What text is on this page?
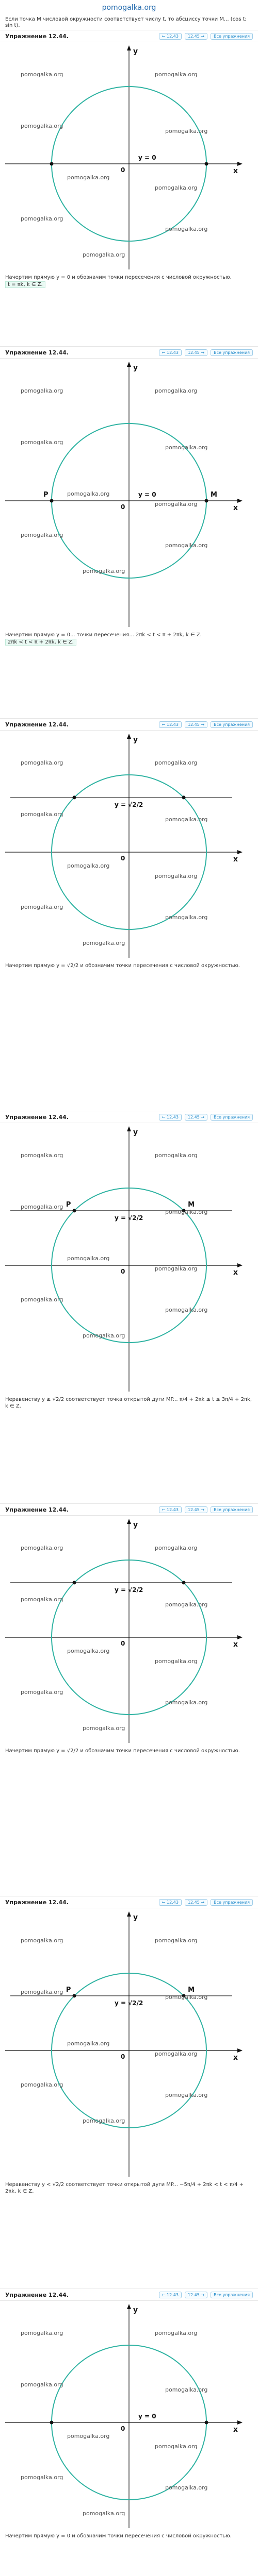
pomogalka.org
Если точка M числовой окружности соответствует числу t, то абсциссу точки M... (cos t; sin t).
Упражнение 12.44.	← 12.43	12.45 →	Все упражнения
x
y
0
y = 0
pomogalka.org	pomogalka.org
pomogalka.org
pomogalka.org
pomogalka.org
pomogalka.org
pomogalka.org
pomogalka.org
pomogalka.org
Начертим прямую y = 0 и обозначим точки пересечения с числовой окружностью.
t = πk, k ∈ Z.
Упражнение 12.44.	← 12.43	12.45 →	Все упражнения
x
y
0
y = 0
P	M
pomogalka.org	pomogalka.org
pomogalka.org
pomogalka.org
pomogalka.org
pomogalka.org
pomogalka.org
pomogalka.org
pomogalka.org
Начертим прямую y = 0... точки пересечения... 2πk < t < π + 2πk, k ∈ Z.
2πk < t < π + 2πk, k ∈ Z.
Упражнение 12.44.	← 12.43	12.45 →	Все упражнения
x
y
0
y = √2/2
pomogalka.org	pomogalka.org
pomogalka.org
pomogalka.org
pomogalka.org
pomogalka.org
pomogalka.org
pomogalka.org
pomogalka.org
Начертим прямую y = √2/2 и обозначим точки пересечения с числовой окружностью.
Упражнение 12.44.	← 12.43	12.45 →	Все упражнения
x
y
0
y = √2/2
P	M
pomogalka.org	pomogalka.org
pomogalka.org
pomogalka.org
pomogalka.org
pomogalka.org
pomogalka.org
pomogalka.org
pomogalka.org
Неравенству y ≥ √2/2 соответствует точка открытой дуги MP... π/4 + 2πk ≤ t ≤ 3π/4 + 2πk, k ∈ Z.
Упражнение 12.44.	← 12.43	12.45 →	Все упражнения
x
y
0
y = √2/2
pomogalka.org	pomogalka.org
pomogalka.org
pomogalka.org
pomogalka.org
pomogalka.org
pomogalka.org
pomogalka.org
pomogalka.org
Начертим прямую y = √2/2 и обозначим точки пересечения с числовой окружностью.
Упражнение 12.44.	← 12.43	12.45 →	Все упражнения
x
y
0
y = √2/2
P	M
pomogalka.org	pomogalka.org
pomogalka.org
pomogalka.org
pomogalka.org
pomogalka.org
pomogalka.org
pomogalka.org
pomogalka.org
Неравенству y < √2/2 соответствует точки открытой дуги MP... −5π/4 + 2πk < t < π/4 + 2πk, k ∈ Z.
Упражнение 12.44.	← 12.43	12.45 →	Все упражнения
x
y
0
y = 0
pomogalka.org	pomogalka.org
pomogalka.org
pomogalka.org
pomogalka.org
pomogalka.org
pomogalka.org
pomogalka.org
pomogalka.org
Начертим прямую y = 0 и обозначим точки пересечения с числовой окружностью.
